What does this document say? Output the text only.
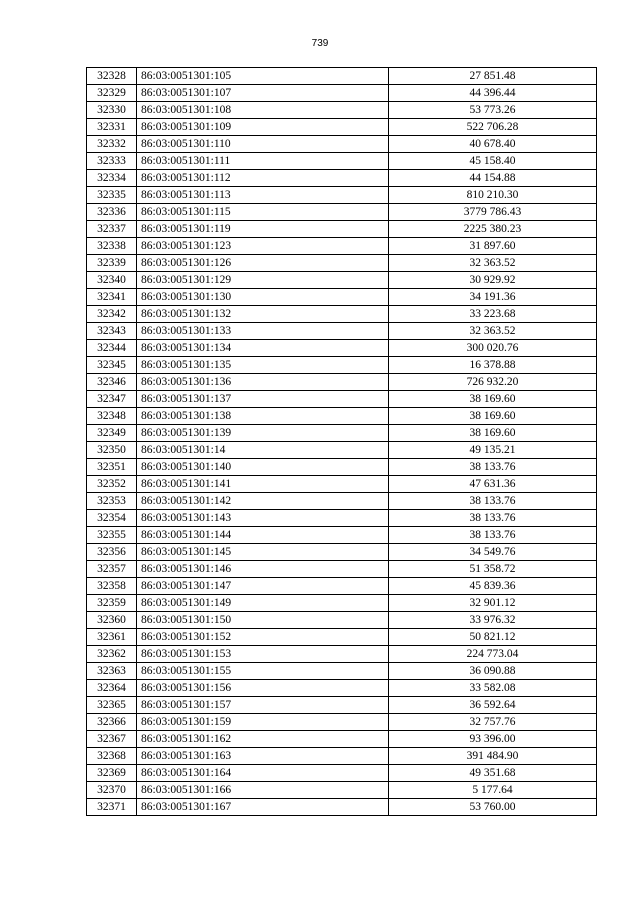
739
32328	86:03:0051301:105	27 851.48
32329	86:03:0051301:107	44 396.44
32330	86:03:0051301:108	53 773.26
32331	86:03:0051301:109	522 706.28
32332	86:03:0051301:110	40 678.40
32333	86:03:0051301:111	45 158.40
32334	86:03:0051301:112	44 154.88
32335	86:03:0051301:113	810 210.30
32336	86:03:0051301:115	3779 786.43
32337	86:03:0051301:119	2225 380.23
32338	86:03:0051301:123	31 897.60
32339	86:03:0051301:126	32 363.52
32340	86:03:0051301:129	30 929.92
32341	86:03:0051301:130	34 191.36
32342	86:03:0051301:132	33 223.68
32343	86:03:0051301:133	32 363.52
32344	86:03:0051301:134	300 020.76
32345	86:03:0051301:135	16 378.88
32346	86:03:0051301:136	726 932.20
32347	86:03:0051301:137	38 169.60
32348	86:03:0051301:138	38 169.60
32349	86:03:0051301:139	38 169.60
32350	86:03:0051301:14	49 135.21
32351	86:03:0051301:140	38 133.76
32352	86:03:0051301:141	47 631.36
32353	86:03:0051301:142	38 133.76
32354	86:03:0051301:143	38 133.76
32355	86:03:0051301:144	38 133.76
32356	86:03:0051301:145	34 549.76
32357	86:03:0051301:146	51 358.72
32358	86:03:0051301:147	45 839.36
32359	86:03:0051301:149	32 901.12
32360	86:03:0051301:150	33 976.32
32361	86:03:0051301:152	50 821.12
32362	86:03:0051301:153	224 773.04
32363	86:03:0051301:155	36 090.88
32364	86:03:0051301:156	33 582.08
32365	86:03:0051301:157	36 592.64
32366	86:03:0051301:159	32 757.76
32367	86:03:0051301:162	93 396.00
32368	86:03:0051301:163	391 484.90
32369	86:03:0051301:164	49 351.68
32370	86:03:0051301:166	5 177.64
32371	86:03:0051301:167	53 760.00
